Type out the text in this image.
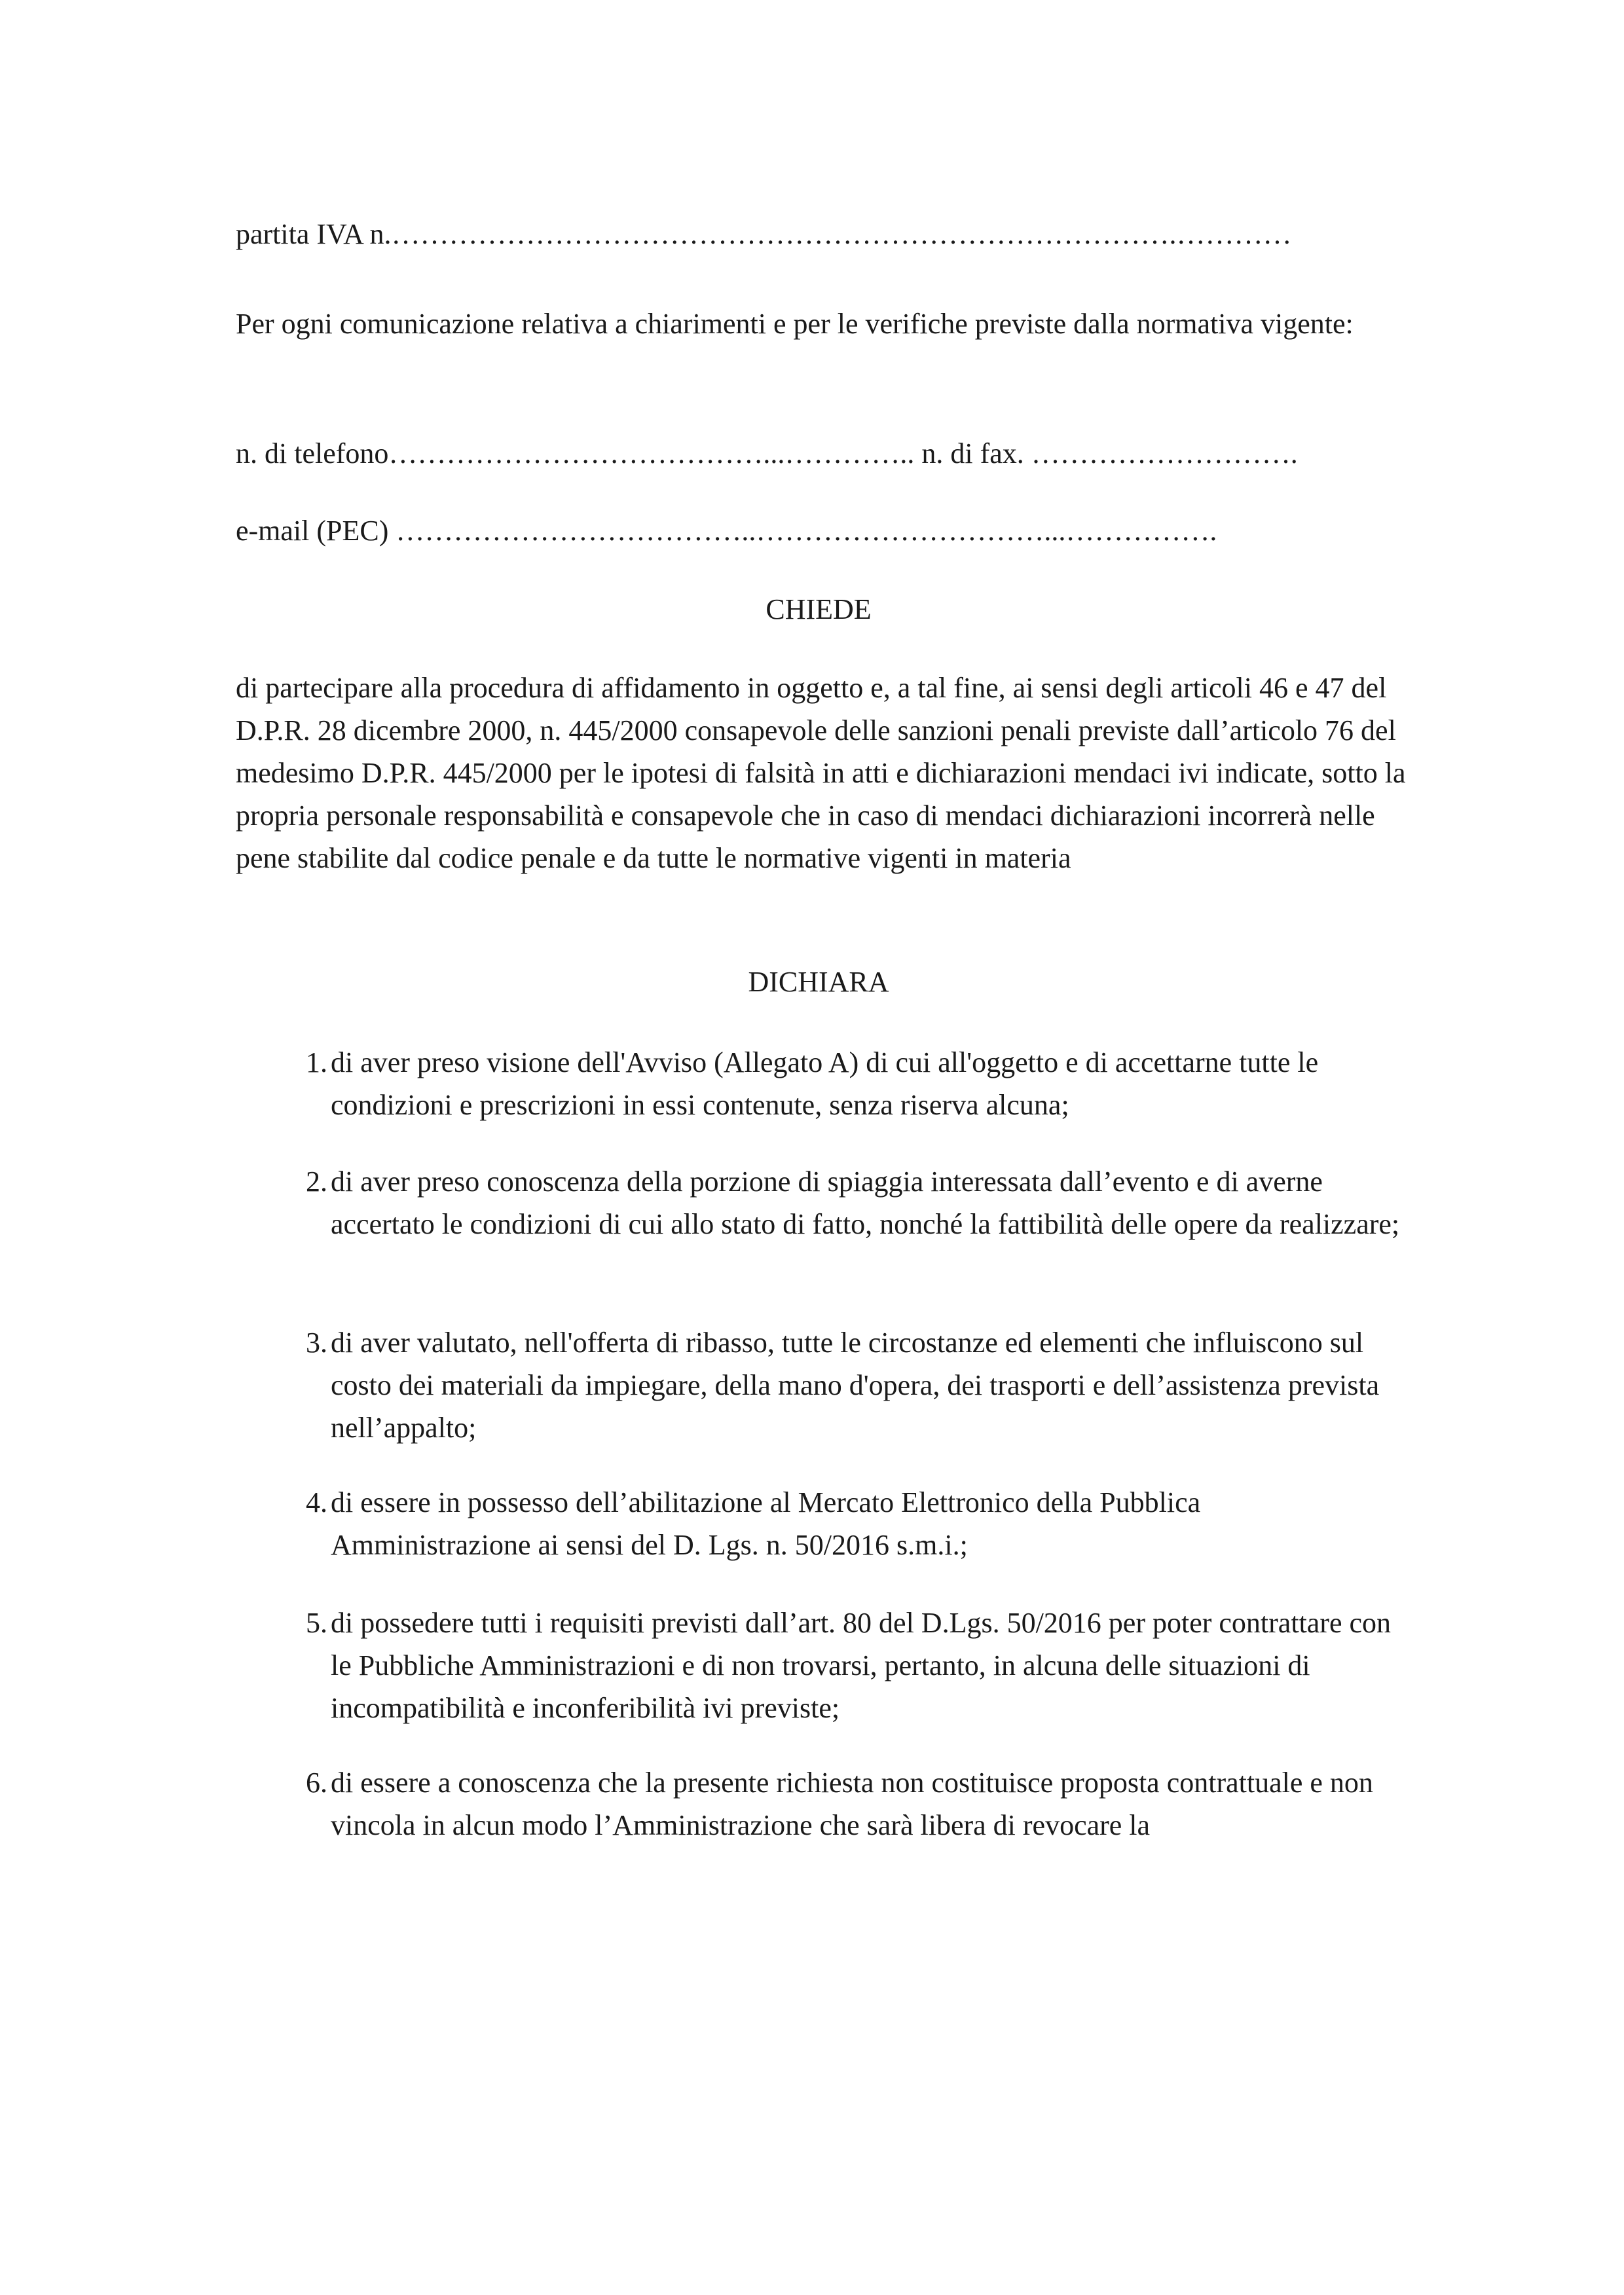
partita IVA n.……………………………………………………………………….…………
Per ogni comunicazione relativa a chiarimenti e per le verifiche previste dalla normativa vigente:
n. di telefono…………………………………...………….. n. di fax. ……………………….
e-mail (PEC) ………………………………..…………………………...…………….
CHIEDE
di partecipare alla procedura di affidamento in oggetto e, a tal fine, ai sensi degli articoli 46 e 47 del D.P.R. 28 dicembre 2000, n. 445/2000 consapevole delle sanzioni penali previste dall’articolo 76 del medesimo D.P.R. 445/2000 per le ipotesi di falsità in atti e dichiarazioni mendaci ivi indicate, sotto la propria personale responsabilità e consapevole che in caso di mendaci dichiarazioni incorrerà nelle pene stabilite dal codice penale e da tutte le normative vigenti in materia
DICHIARA
1. di aver preso visione dell'Avviso (Allegato A) di cui all'oggetto e di accettarne tutte le condizioni e prescrizioni in essi contenute, senza riserva alcuna;
2. di aver preso conoscenza della porzione di spiaggia interessata dall’evento e di averne accertato le condizioni di cui allo stato di fatto, nonché la fattibilità delle opere da realizzare;
3. di aver valutato, nell'offerta di ribasso, tutte le circostanze ed elementi che influiscono sul costo dei materiali da impiegare, della mano d'opera, dei trasporti e dell’assistenza prevista nell’appalto;
4. di essere in possesso dell’abilitazione al Mercato Elettronico della Pubblica Amministrazione ai sensi del D. Lgs. n. 50/2016 s.m.i.;
5. di possedere tutti i requisiti previsti dall’art. 80 del D.Lgs. 50/2016 per poter contrattare con le Pubbliche Amministrazioni e di non trovarsi, pertanto, in alcuna delle situazioni di incompatibilità e inconferibilità ivi previste;
6. di essere a conoscenza che la presente richiesta non costituisce proposta contrattuale e non vincola in alcun modo l’Amministrazione che sarà libera di revocare la
